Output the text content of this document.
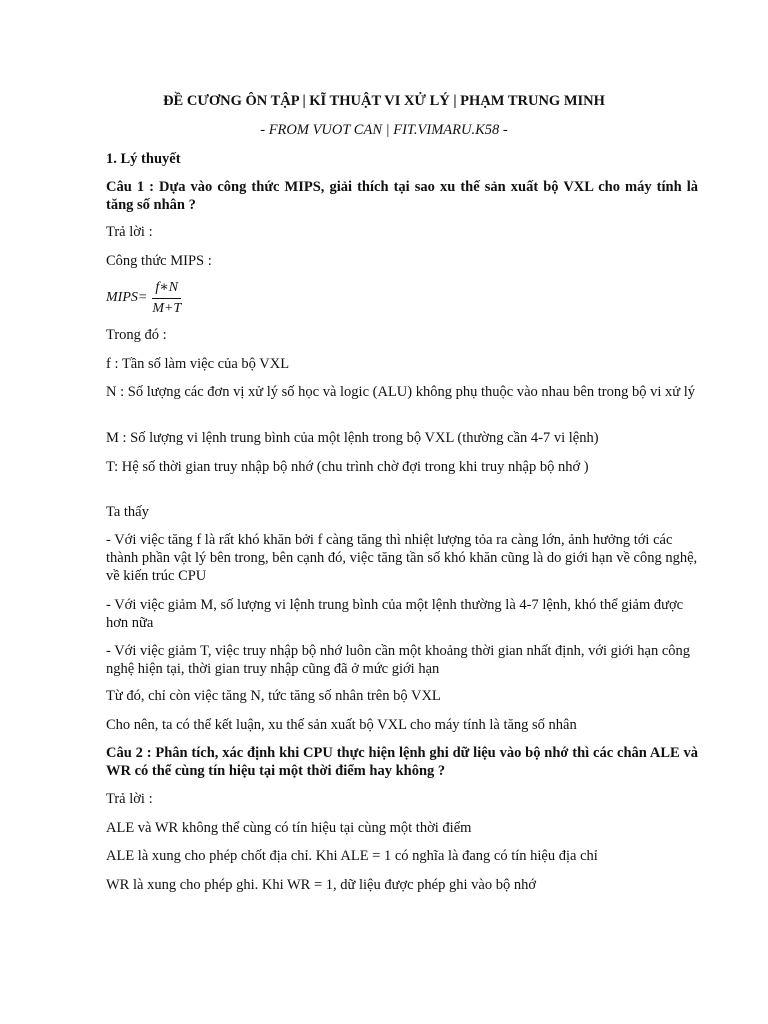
ĐỀ CƯƠNG ÔN TẬP | KĨ THUẬT VI XỬ LÝ | PHẠM TRUNG MINH
- FROM VUOT CAN | FIT.VIMARU.K58 -
1. Lý thuyết
Câu 1 : Dựa vào công thức MIPS, giải thích tại sao xu thế sản xuất bộ VXL cho máy tính là tăng số nhân ?
Trả lời :
Công thức MIPS :
MIPS= $\frac{f∗N}{M+T}$
Trong đó :
f : Tần số làm việc của bộ VXL
N : Số lượng các đơn vị xử lý số học và logic (ALU) không phụ thuộc vào nhau bên trong bộ vi xử lý
M : Số lượng vi lệnh trung bình của một lệnh trong bộ VXL (thường cần 4-7 vi lệnh)
T: Hệ số thời gian truy nhập bộ nhớ (chu trình chờ đợi trong khi truy nhập bộ nhớ )
Ta thấy
- Với việc tăng f là rất khó khăn bởi f càng tăng thì nhiệt lượng tỏa ra càng lớn, ảnh hưởng tới các thành phần vật lý bên trong, bên cạnh đó, việc tăng tần số khó khăn cũng là do giới hạn về công nghệ, về kiến trúc CPU
- Với việc giảm M, số lượng vi lệnh trung bình của một lệnh thường là 4-7 lệnh, khó thể giảm được hơn nữa
- Với việc giảm T, việc truy nhập bộ nhớ luôn cần một khoảng thời gian nhất định, với giới hạn công nghệ hiện tại, thời gian truy nhập cũng đã ở mức giới hạn
Từ đó, chỉ còn việc tăng N, tức tăng số nhân trên bộ VXL
Cho nên, ta có thể kết luận, xu thế sản xuất bộ VXL cho máy tính là tăng số nhân
Câu 2 : Phân tích, xác định khi CPU thực hiện lệnh ghi dữ liệu vào bộ nhớ thì các chân ALE và WR có thể cùng tín hiệu tại một thời điểm hay không ?
Trả lời :
ALE và WR không thể cùng có tín hiệu tại cùng một thời điểm
ALE là xung cho phép chốt địa chỉ. Khi ALE = 1 có nghĩa là đang có tín hiệu địa chỉ
WR là xung cho phép ghi. Khi WR = 1, dữ liệu được phép ghi vào bộ nhớ
